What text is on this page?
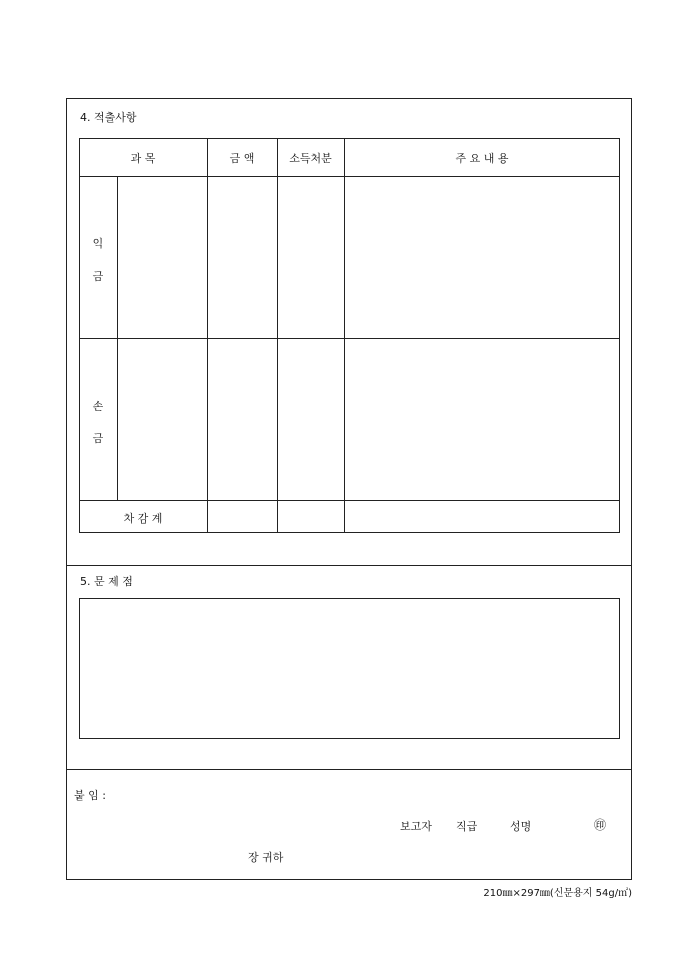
4. 적출사항
과 목	금 액	소득처분	주 요 내 용
익
금
손
금
차 감 계
5. 문 제 점
붙 임 :
보고자 직급	성명	㊞
장 귀하
210㎜×297㎜(신문용지 54g/㎡)
